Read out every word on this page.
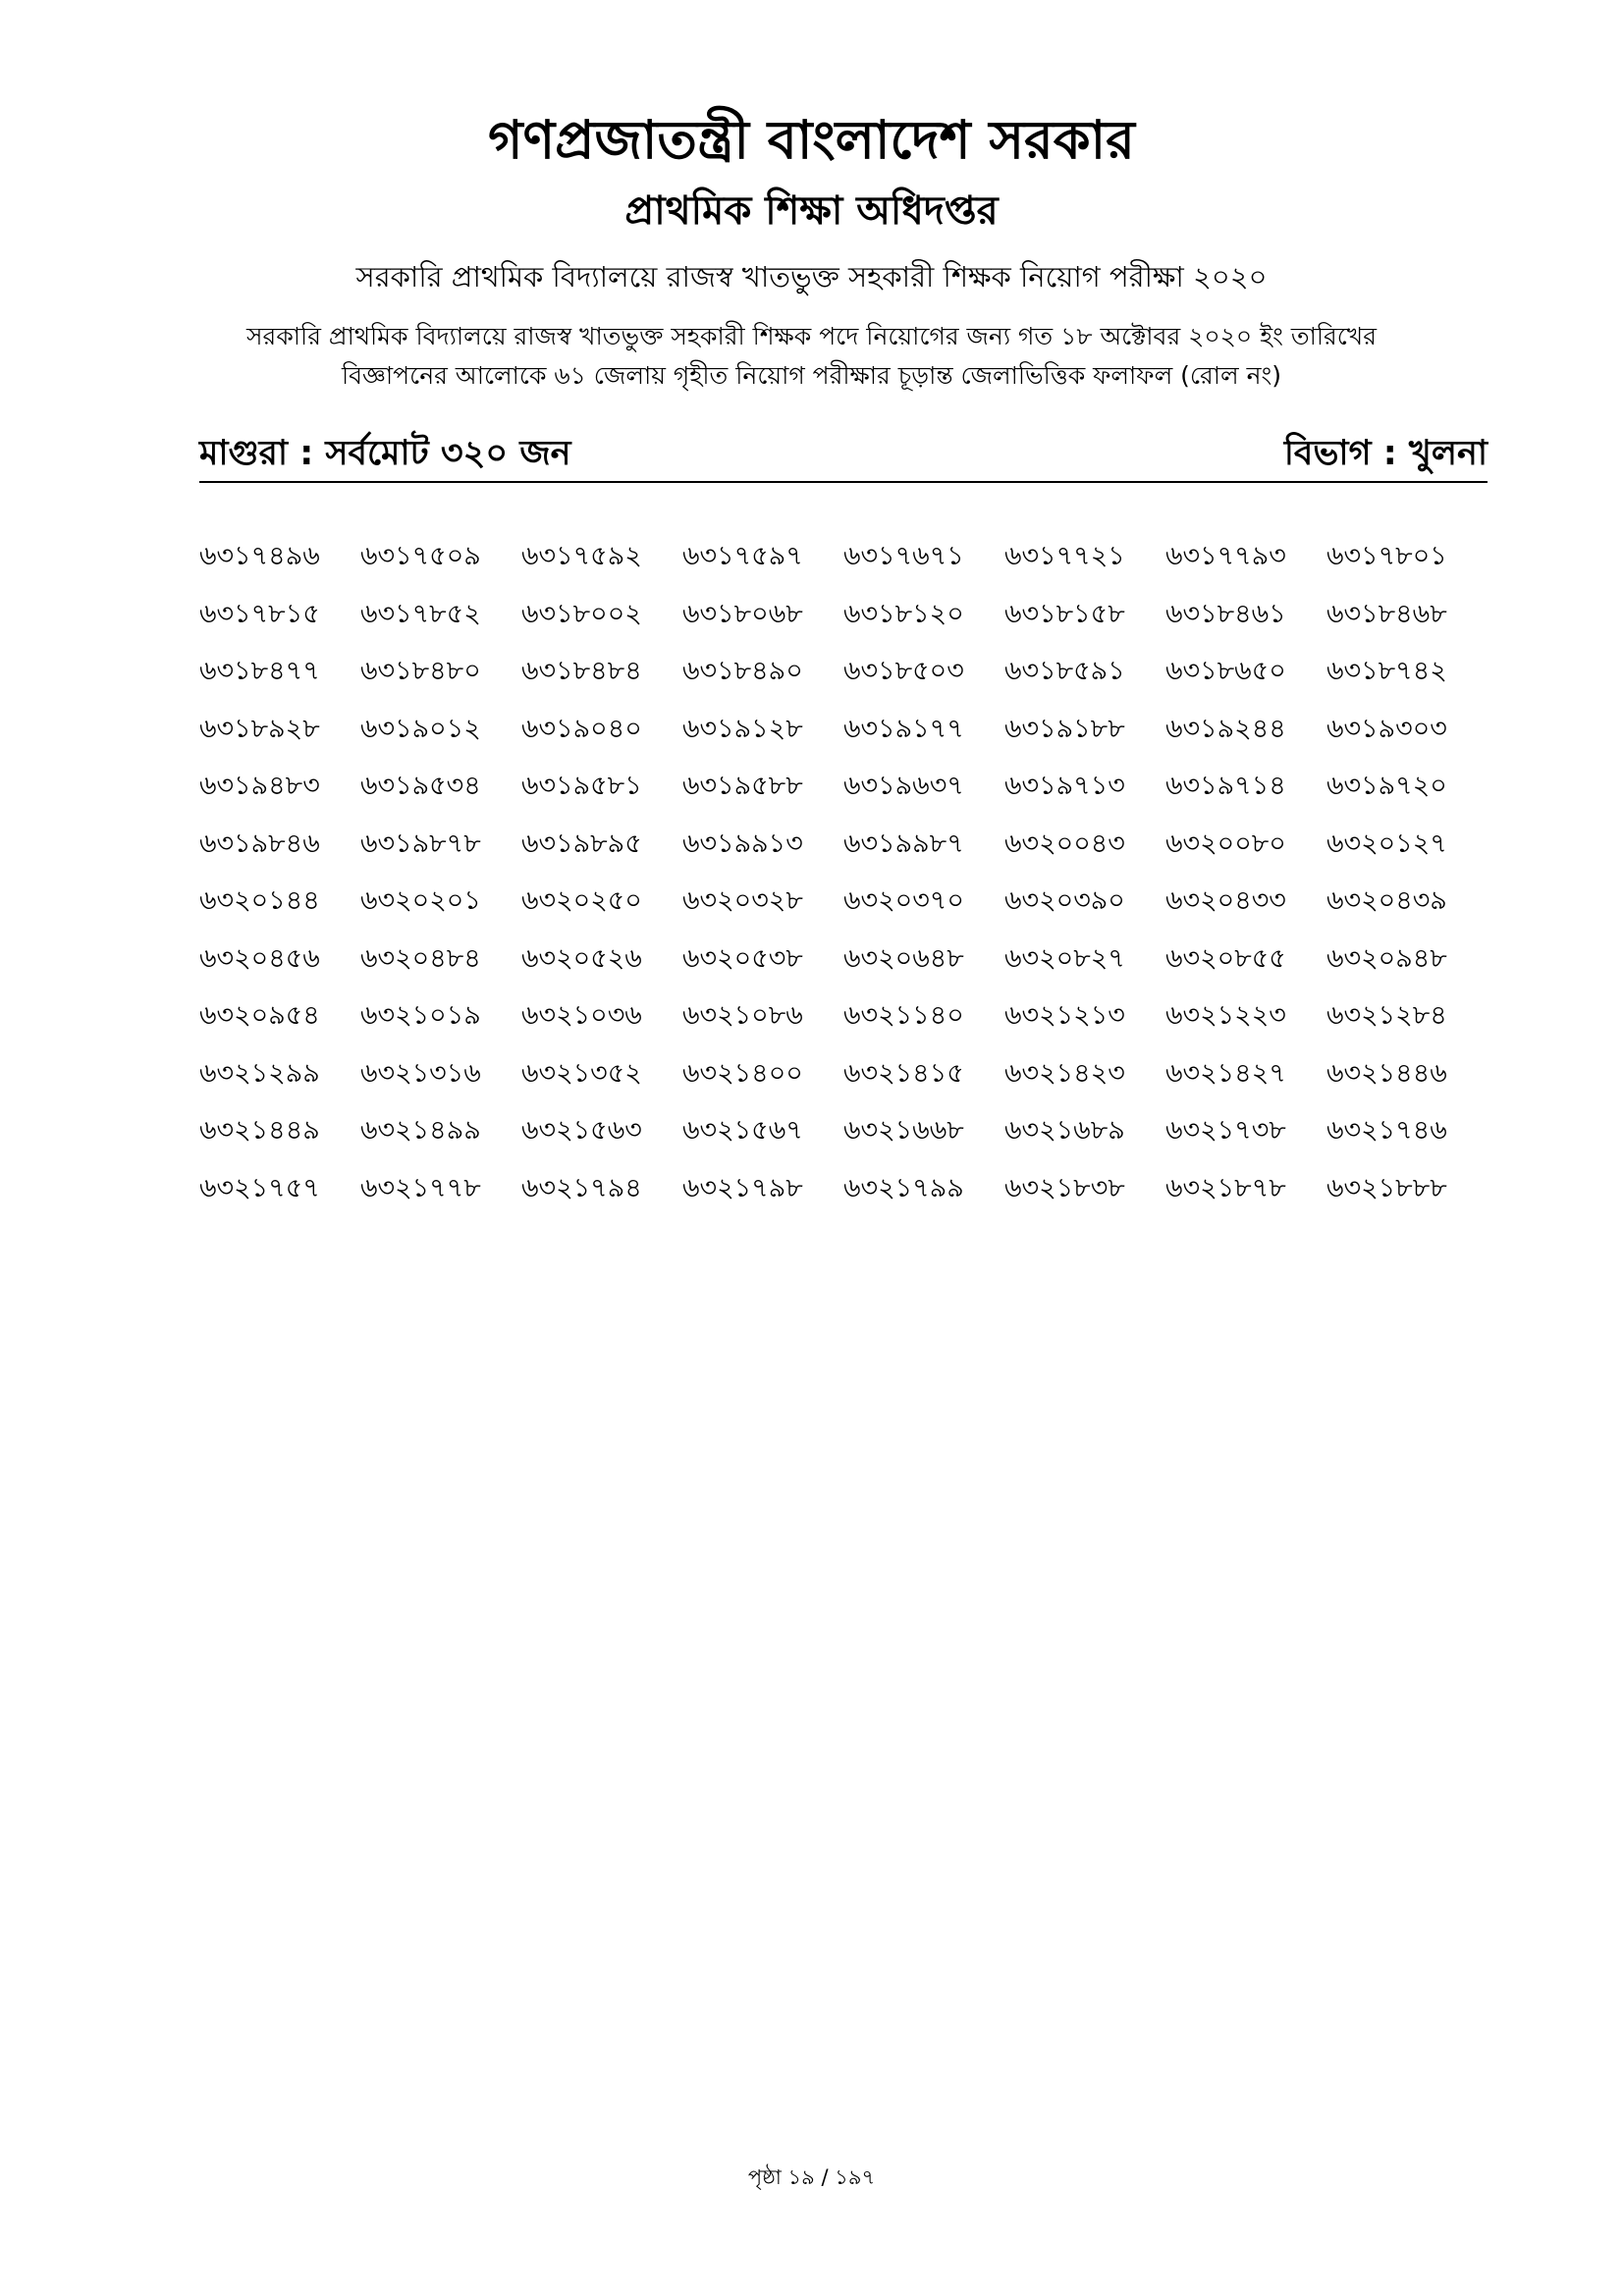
গণপ্রজাতন্ত্রী বাংলাদেশ সরকার
প্রাথমিক শিক্ষা অধিদপ্তর
সরকারি প্রাথমিক বিদ্যালয়ে রাজস্ব খাতভুক্ত সহকারী শিক্ষক নিয়োগ পরীক্ষা ২০২০
সরকারি প্রাথমিক বিদ্যালয়ে রাজস্ব খাতভুক্ত সহকারী শিক্ষক পদে নিয়োগের জন্য গত ১৮ অক্টোবর ২০২০ ইং তারিখের
বিজ্ঞাপনের আলোকে ৬১ জেলায় গৃহীত নিয়োগ পরীক্ষার চূড়ান্ত জেলাভিত্তিক ফলাফল (রোল নং)
মাগুরা : সর্বমোট ৩২০ জন	বিভাগ : খুলনা
৬৩১৭৪৯৬	৬৩১৭৫০৯	৬৩১৭৫৯২	৬৩১৭৫৯৭	৬৩১৭৬৭১	৬৩১৭৭২১	৬৩১৭৭৯৩	৬৩১৭৮০১
৬৩১৭৮১৫	৬৩১৭৮৫২	৬৩১৮০০২	৬৩১৮০৬৮	৬৩১৮১২০	৬৩১৮১৫৮	৬৩১৮৪৬১	৬৩১৮৪৬৮
৬৩১৮৪৭৭	৬৩১৮৪৮০	৬৩১৮৪৮৪	৬৩১৮৪৯০	৬৩১৮৫০৩	৬৩১৮৫৯১	৬৩১৮৬৫০	৬৩১৮৭৪২
৬৩১৮৯২৮	৬৩১৯০১২	৬৩১৯০৪০	৬৩১৯১২৮	৬৩১৯১৭৭	৬৩১৯১৮৮	৬৩১৯২৪৪	৬৩১৯৩০৩
৬৩১৯৪৮৩	৬৩১৯৫৩৪	৬৩১৯৫৮১	৬৩১৯৫৮৮	৬৩১৯৬৩৭	৬৩১৯৭১৩	৬৩১৯৭১৪	৬৩১৯৭২০
৬৩১৯৮৪৬	৬৩১৯৮৭৮	৬৩১৯৮৯৫	৬৩১৯৯১৩	৬৩১৯৯৮৭	৬৩২০০৪৩	৬৩২০০৮০	৬৩২০১২৭
৬৩২০১৪৪	৬৩২০২০১	৬৩২০২৫০	৬৩২০৩২৮	৬৩২০৩৭০	৬৩২০৩৯০	৬৩২০৪৩৩	৬৩২০৪৩৯
৬৩২০৪৫৬	৬৩২০৪৮৪	৬৩২০৫২৬	৬৩২০৫৩৮	৬৩২০৬৪৮	৬৩২০৮২৭	৬৩২০৮৫৫	৬৩২০৯৪৮
৬৩২০৯৫৪	৬৩২১০১৯	৬৩২১০৩৬	৬৩২১০৮৬	৬৩২১১৪০	৬৩২১২১৩	৬৩২১২২৩	৬৩২১২৮৪
৬৩২১২৯৯	৬৩২১৩১৬	৬৩২১৩৫২	৬৩২১৪০০	৬৩২১৪১৫	৬৩২১৪২৩	৬৩২১৪২৭	৬৩২১৪৪৬
৬৩২১৪৪৯	৬৩২১৪৯৯	৬৩২১৫৬৩	৬৩২১৫৬৭	৬৩২১৬৬৮	৬৩২১৬৮৯	৬৩২১৭৩৮	৬৩২১৭৪৬
৬৩২১৭৫৭	৬৩২১৭৭৮	৬৩২১৭৯৪	৬৩২১৭৯৮	৬৩২১৭৯৯	৬৩২১৮৩৮	৬৩২১৮৭৮	৬৩২১৮৮৮
পৃষ্ঠা ১৯ / ১৯৭
